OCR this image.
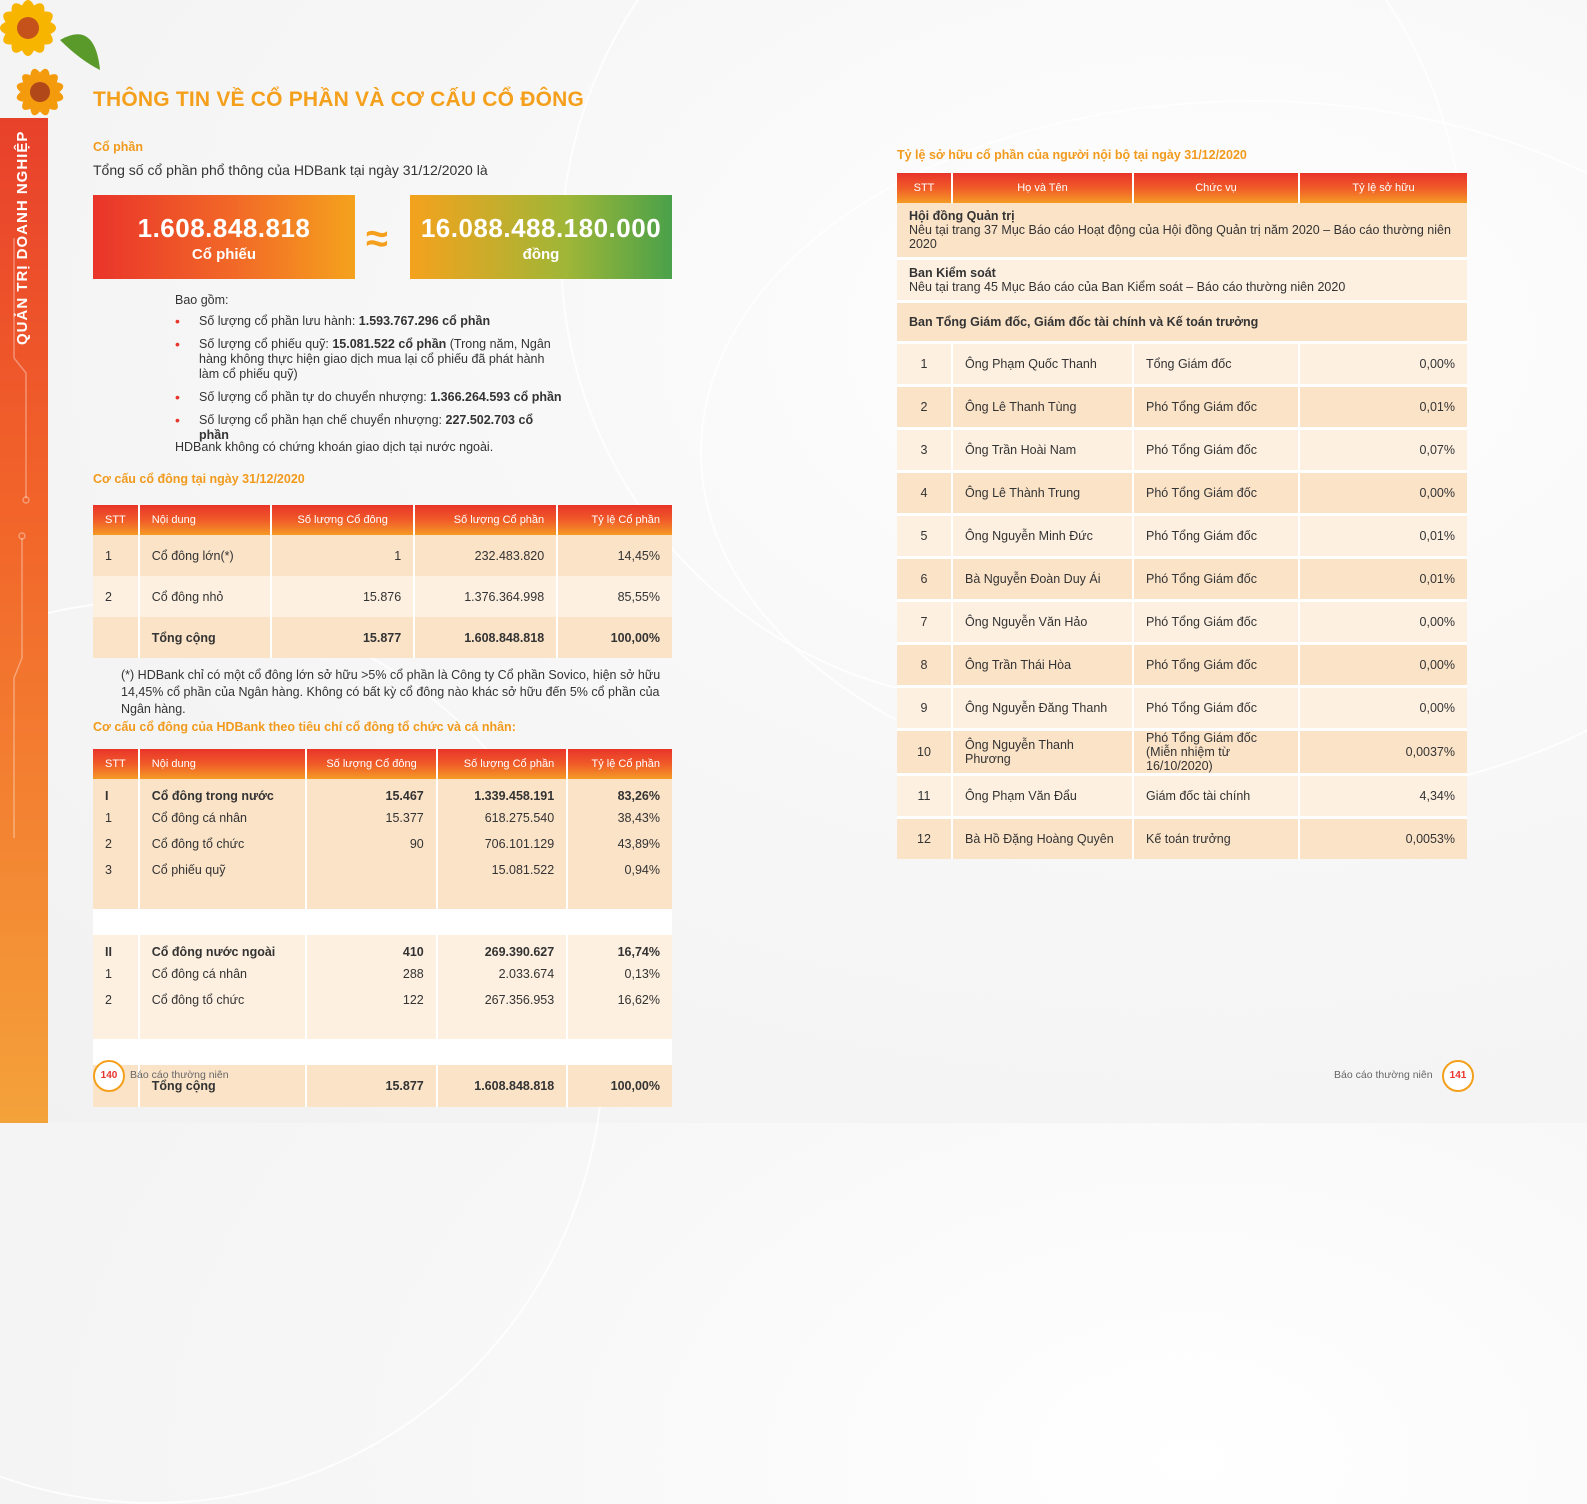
QUẢN TRỊ DOANH NGHIỆP
THÔNG TIN VỀ CỔ PHẦN VÀ CƠ CẤU CỔ ĐÔNG
Cổ phần
Tổng số cổ phần phổ thông của HDBank tại ngày 31/12/2020 là
1.608.848.818
Cổ phiếu	≈	16.088.488.180.000
đồng
Bao gồm:
• Số lượng cổ phần lưu hành: 1.593.767.296 cổ phần
• Số lượng cổ phiếu quỹ: 15.081.522 cổ phần (Trong năm, Ngân hàng không thực hiện giao dịch mua lại cổ phiếu đã phát hành làm cổ phiếu quỹ)
• Số lượng cổ phần tự do chuyển nhượng: 1.366.264.593 cổ phần
• Số lượng cổ phần hạn chế chuyển nhượng: 227.502.703 cổ phần
HDBank không có chứng khoán giao dịch tại nước ngoài.
Cơ cấu cổ đông tại ngày 31/12/2020
STT	Nội dung	Số lượng Cổ đông	Số lượng Cổ phần	Tỷ lệ Cổ phần
1	Cổ đông lớn(*)	1	232.483.820	14,45%
2	Cổ đông nhỏ	15.876	1.376.364.998	85,55%
	Tổng cộng	15.877	1.608.848.818	100,00%
(*) HDBank chỉ có một cổ đông lớn sở hữu >5% cổ phần là Công ty Cổ phần Sovico, hiện sở hữu 14,45% cổ phần của Ngân hàng. Không có bất kỳ cổ đông nào khác sở hữu đến 5% cổ phần của Ngân hàng.
Cơ cấu cổ đông của HDBank theo tiêu chí cổ đông tổ chức và cá nhân:
STT	Nội dung	Số lượng Cổ đông	Số lượng Cổ phần	Tỷ lệ Cổ phần
I	Cổ đông trong nước	15.467	1.339.458.191	83,26%
1	Cổ đông cá nhân	15.377	618.275.540	38,43%
2	Cổ đông tổ chức	90	706.101.129	43,89%
3	Cổ phiếu quỹ		15.081.522	0,94%

II	Cổ đông nước ngoài	410	269.390.627	16,74%
1	Cổ đông cá nhân	288	2.033.674	0,13%
2	Cổ đông tổ chức	122	267.356.953	16,62%

	Tổng cộng	15.877	1.608.848.818	100,00%
Tỷ lệ sở hữu cổ phần của người nội bộ tại ngày 31/12/2020
STT	Họ và Tên	Chức vụ	Tỷ lệ sở hữu

Hội đồng Quản trị
Nêu tại trang 37 Mục Báo cáo Hoạt động của Hội đồng Quản trị năm 2020 – Báo cáo thường niên 2020			

Ban Kiểm soát
Nêu tại trang 45 Mục Báo cáo của Ban Kiểm soát – Báo cáo thường niên 2020			

Ban Tổng Giám đốc, Giám đốc tài chính và Kế toán trưởng			

1	Ông Phạm Quốc Thanh	Tổng Giám đốc	0,00%

2	Ông Lê Thanh Tùng	Phó Tổng Giám đốc	0,01%

3	Ông Trần Hoài Nam	Phó Tổng Giám đốc	0,07%

4	Ông Lê Thành Trung	Phó Tổng Giám đốc	0,00%

5	Ông Nguyễn Minh Đức	Phó Tổng Giám đốc	0,01%

6	Bà Nguyễn Đoàn Duy Ái	Phó Tổng Giám đốc	0,01%

7	Ông Nguyễn Văn Hảo	Phó Tổng Giám đốc	0,00%

8	Ông Trần Thái Hòa	Phó Tổng Giám đốc	0,00%

9	Ông Nguyễn Đăng Thanh	Phó Tổng Giám đốc	0,00%

10	Ông Nguyễn Thanh Phương	Phó Tổng Giám đốc
(Miễn nhiệm từ 16/10/2020)	0,0037%

11	Ông Phạm Văn Đẩu	Giám đốc tài chính	4,34%

12	Bà Hồ Đặng Hoàng Quyên	Kế toán trưởng	0,0053%
140	Báo cáo thường niên	Báo cáo thường niên	141
